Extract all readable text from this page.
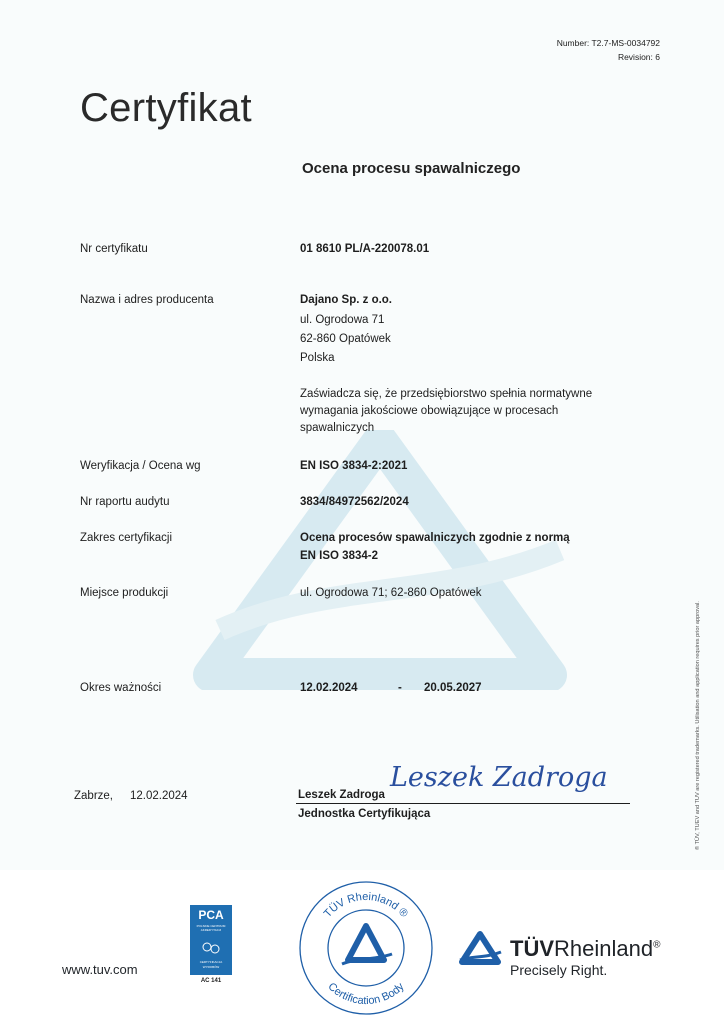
Number: T2.7-MS-0034792
Revision: 6
Certyfikat
Ocena procesu spawalniczego
Nr certyfikatu	01 8610 PL/A-220078.01
Nazwa i adres producenta	Dajano Sp. z o.o.
ul. Ogrodowa 71
62-860 Opatówek
Polska
Zaświadcza się, że przedsiębiorstwo spełnia normatywne
wymagania jakościowe obowiązujące w procesach
spawalniczych
Weryfikacja / Ocena wg	EN ISO 3834-2:2021
Nr raportu audytu	3834/84972562/2024
Zakres certyfikacji	Ocena procesów spawalniczych zgodnie z normą
EN ISO 3834-2
Miejsce produkcji	ul. Ogrodowa 71; 62-860 Opatówek
Okres ważności	12.02.2024	- 20.05.2027
Zabrze, 12.02.2024	Leszek Zadroga
Jednostka Certyfikująca
Leszek Zadroga	® TÜV, TUEV and TUV are registered trademarks. Utilisation and application requires prior approval.
www.tuv.com
PCA
POLSKIE CENTRUM
AKREDYTACJI
CERTYFIKACJA
WYROBÓW
AC 141
TÜV Rheinland ®
Certification Body
TÜVRheinland®
Precisely Right.
